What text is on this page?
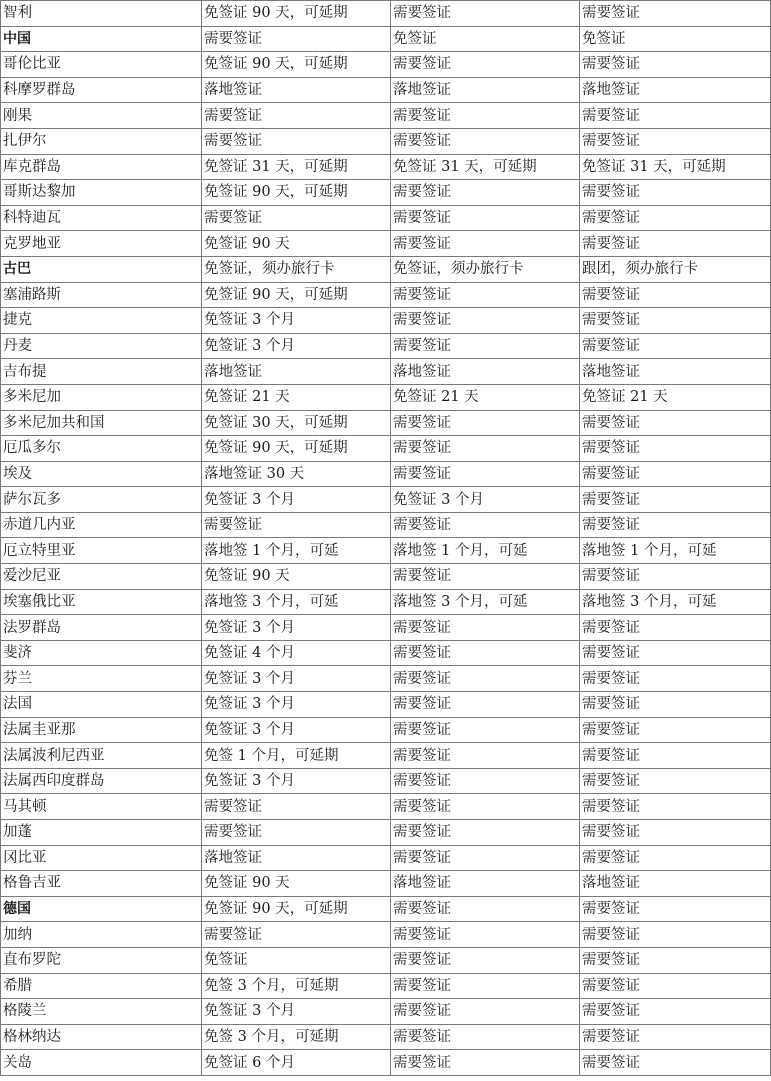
智利	免签证 90 天，可延期	需要签证	需要签证
中国	需要签证	免签证	免签证
哥伦比亚	免签证 90 天，可延期	需要签证	需要签证
科摩罗群岛	落地签证	落地签证	落地签证
刚果	需要签证	需要签证	需要签证
扎伊尔	需要签证	需要签证	需要签证
库克群岛	免签证 31 天，可延期	免签证 31 天，可延期	免签证 31 天，可延期
哥斯达黎加	免签证 90 天，可延期	需要签证	需要签证
科特迪瓦	需要签证	需要签证	需要签证
克罗地亚	免签证 90 天	需要签证	需要签证
古巴	免签证，须办旅行卡	免签证，须办旅行卡	跟团，须办旅行卡
塞浦路斯	免签证 90 天，可延期	需要签证	需要签证
捷克	免签证 3 个月	需要签证	需要签证
丹麦	免签证 3 个月	需要签证	需要签证
吉布提	落地签证	落地签证	落地签证
多米尼加	免签证 21 天	免签证 21 天	免签证 21 天
多米尼加共和国	免签证 30 天，可延期	需要签证	需要签证
厄瓜多尔	免签证 90 天，可延期	需要签证	需要签证
埃及	落地签证 30 天	需要签证	需要签证
萨尔瓦多	免签证 3 个月	免签证 3 个月	需要签证
赤道几内亚	需要签证	需要签证	需要签证
厄立特里亚	落地签 1 个月，可延	落地签 1 个月，可延	落地签 1 个月，可延
爱沙尼亚	免签证 90 天	需要签证	需要签证
埃塞俄比亚	落地签 3 个月，可延	落地签 3 个月，可延	落地签 3 个月，可延
法罗群岛	免签证 3 个月	需要签证	需要签证
斐济	免签证 4 个月	需要签证	需要签证
芬兰	免签证 3 个月	需要签证	需要签证
法国	免签证 3 个月	需要签证	需要签证
法属圭亚那	免签证 3 个月	需要签证	需要签证
法属波利尼西亚	免签 1 个月，可延期	需要签证	需要签证
法属西印度群岛	免签证 3 个月	需要签证	需要签证
马其顿	需要签证	需要签证	需要签证
加蓬	需要签证	需要签证	需要签证
冈比亚	落地签证	需要签证	需要签证
格鲁吉亚	免签证 90 天	落地签证	落地签证
德国	免签证 90 天，可延期	需要签证	需要签证
加纳	需要签证	需要签证	需要签证
直布罗陀	免签证	需要签证	需要签证
希腊	免签 3 个月，可延期	需要签证	需要签证
格陵兰	免签证 3 个月	需要签证	需要签证
格林纳达	免签 3 个月，可延期	需要签证	需要签证
关岛	免签证 6 个月	需要签证	需要签证
